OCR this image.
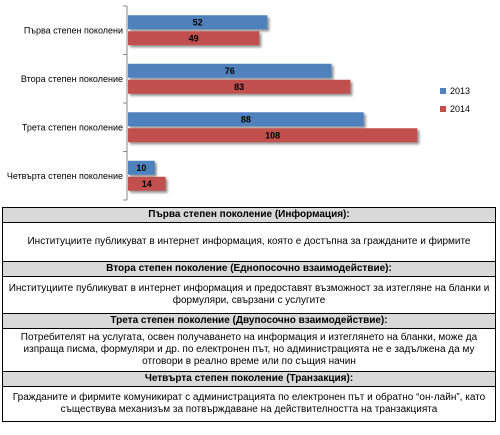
Първа степен поколени
52
49
Втора степен поколение
76
83
Трета степен поколение
88
108
Четвърта степен поколение
10
14
2013
2014
Първа степен поколение (Информация):
Институциите публикуват в интернет информация, която е достъпна за гражданите и фирмите
Втора степен поколение (Еднопосочно взаимодействие):
Институциите публикуват в интернет информация и предоставят възможност за изтегляне на бланки и формуляри, свързани с услугите
Трета степен поколение (Двупосочно взаимодействие):
Потребителят на услугата, освен получаването на информация и изтеглянето на бланки, може да изпраща писма, формуляри и др. по електронен път, но администрацията не е задължена да му отговори в реално време или по същия начин
Четвърта степен поколение (Транзакция):
Гражданите и фирмите комуникират с администрацията по електронен път и обратно “он-лайн”, като съществува механизъм за потвърждаване на действителността на транзакцията
